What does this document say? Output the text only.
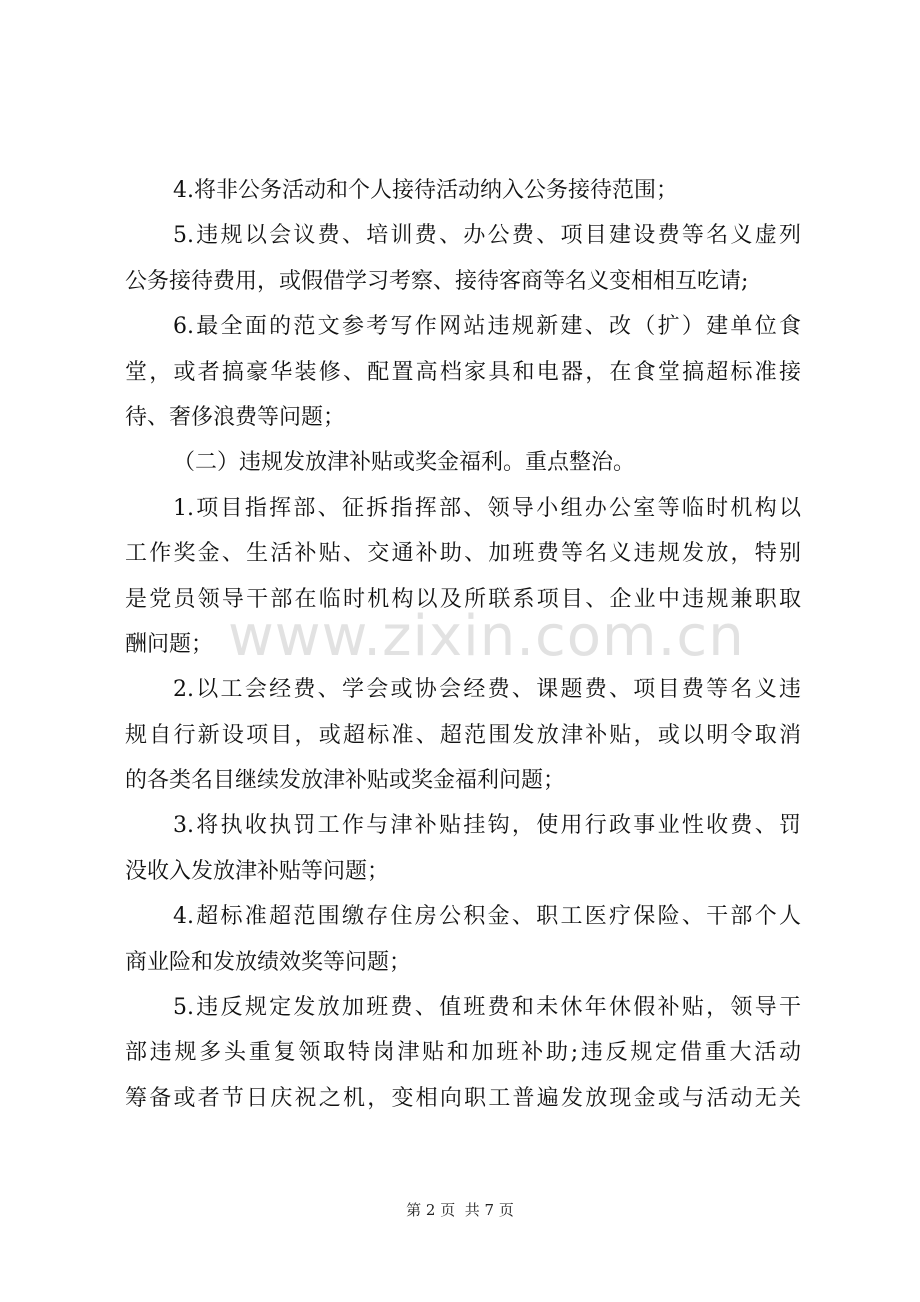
4.将非公务活动和个人接待活动纳入公务接待范围；
5.违规以会议费、培训费、办公费、项目建设费等名义虚列
公务接待费用，或假借学习考察、接待客商等名义变相相互吃请;
6.最全面的范文参考写作网站违规新建、改（扩）建单位食
堂，或者搞豪华装修、配置高档家具和电器，在食堂搞超标准接
待、奢侈浪费等问题；
（二）违规发放津补贴或奖金福利。重点整治。
1.项目指挥部、征拆指挥部、领导小组办公室等临时机构以
工作奖金、生活补贴、交通补助、加班费等名义违规发放，特别
是党员领导干部在临时机构以及所联系项目、企业中违规兼职取
酬问题；
2.以工会经费、学会或协会经费、课题费、项目费等名义违
规自行新设项目，或超标准、超范围发放津补贴，或以明令取消
的各类名目继续发放津补贴或奖金福利问题；
3.将执收执罚工作与津补贴挂钩，使用行政事业性收费、罚
没收入发放津补贴等问题；
4.超标准超范围缴存住房公积金、职工医疗保险、干部个人
商业险和发放绩效奖等问题；
5.违反规定发放加班费、值班费和未休年休假补贴，领导干
部违规多头重复领取特岗津贴和加班补助;违反规定借重大活动
筹备或者节日庆祝之机，变相向职工普遍发放现金或与活动无关
www.zixin.com.cn
第 2 页  共 7 页
